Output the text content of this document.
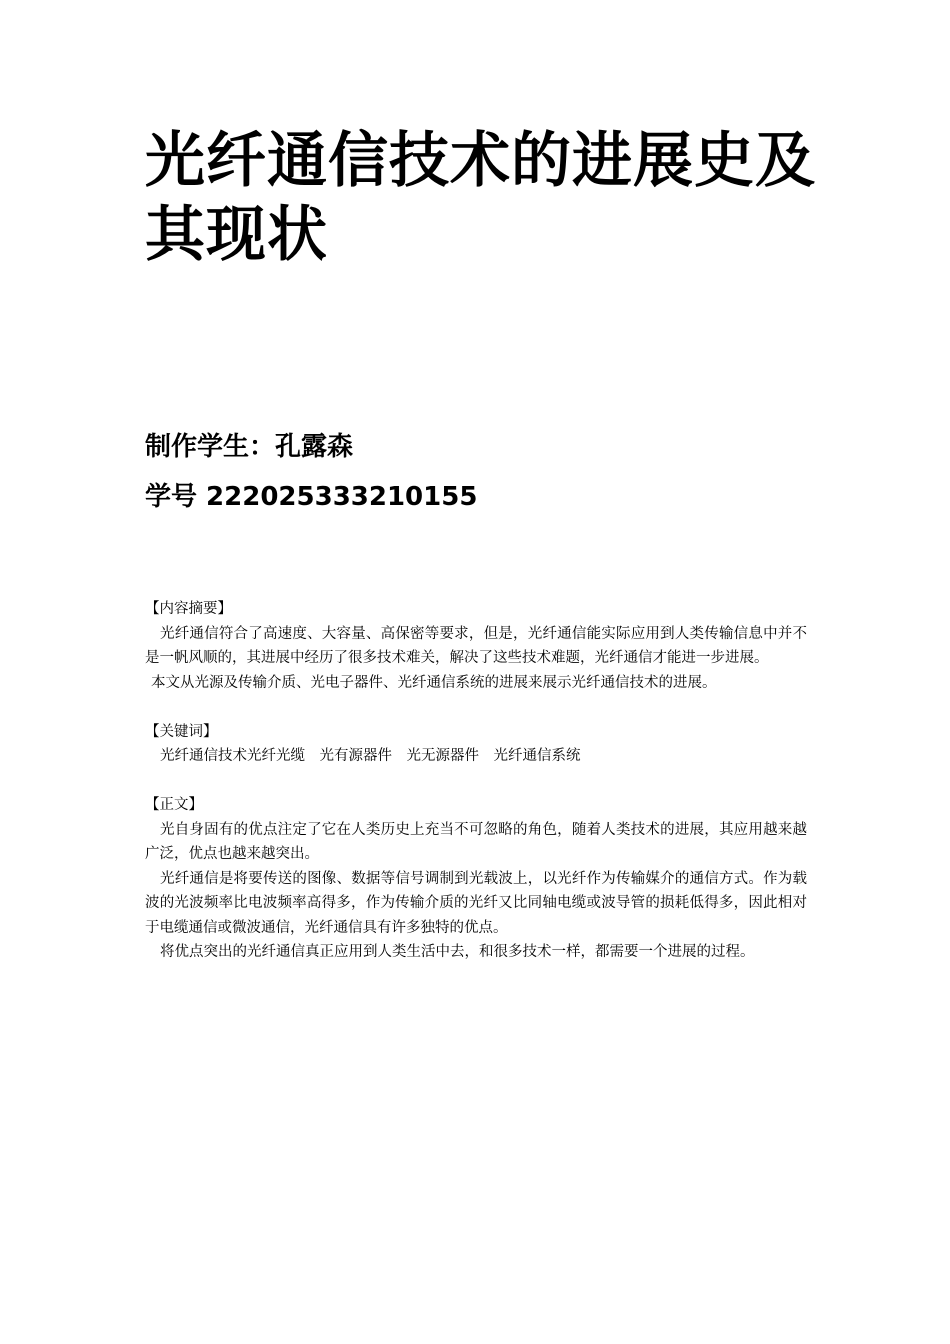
光纤通信技术的进展史及其现状
制作学生：孔露森
学号 222025333210155

【内容摘要】

光纤通信符合了高速度、大容量、高保密等要求，但是，光纤通信能实际应用到人类传输信息中并不是一帆风顺的，其进展中经历了很多技术难关，解决了这些技术难题，光纤通信才能进一步进展。

本文从光源及传输介质、光电子器件、光纤通信系统的进展来展示光纤通信技术的进展。

【关键词】

光纤通信技术光纤光缆　光有源器件　光无源器件　光纤通信系统

【正文】

光自身固有的优点注定了它在人类历史上充当不可忽略的角色，随着人类技术的进展，其应用越来越广泛，优点也越来越突出。

光纤通信是将要传送的图像、数据等信号调制到光载波上，以光纤作为传输媒介的通信方式。作为载波的光波频率比电波频率高得多，作为传输介质的光纤又比同轴电缆或波导管的损耗低得多，因此相对于电缆通信或微波通信，光纤通信具有许多独特的优点。

将优点突出的光纤通信真正应用到人类生活中去，和很多技术一样，都需要一个进展的过程。
